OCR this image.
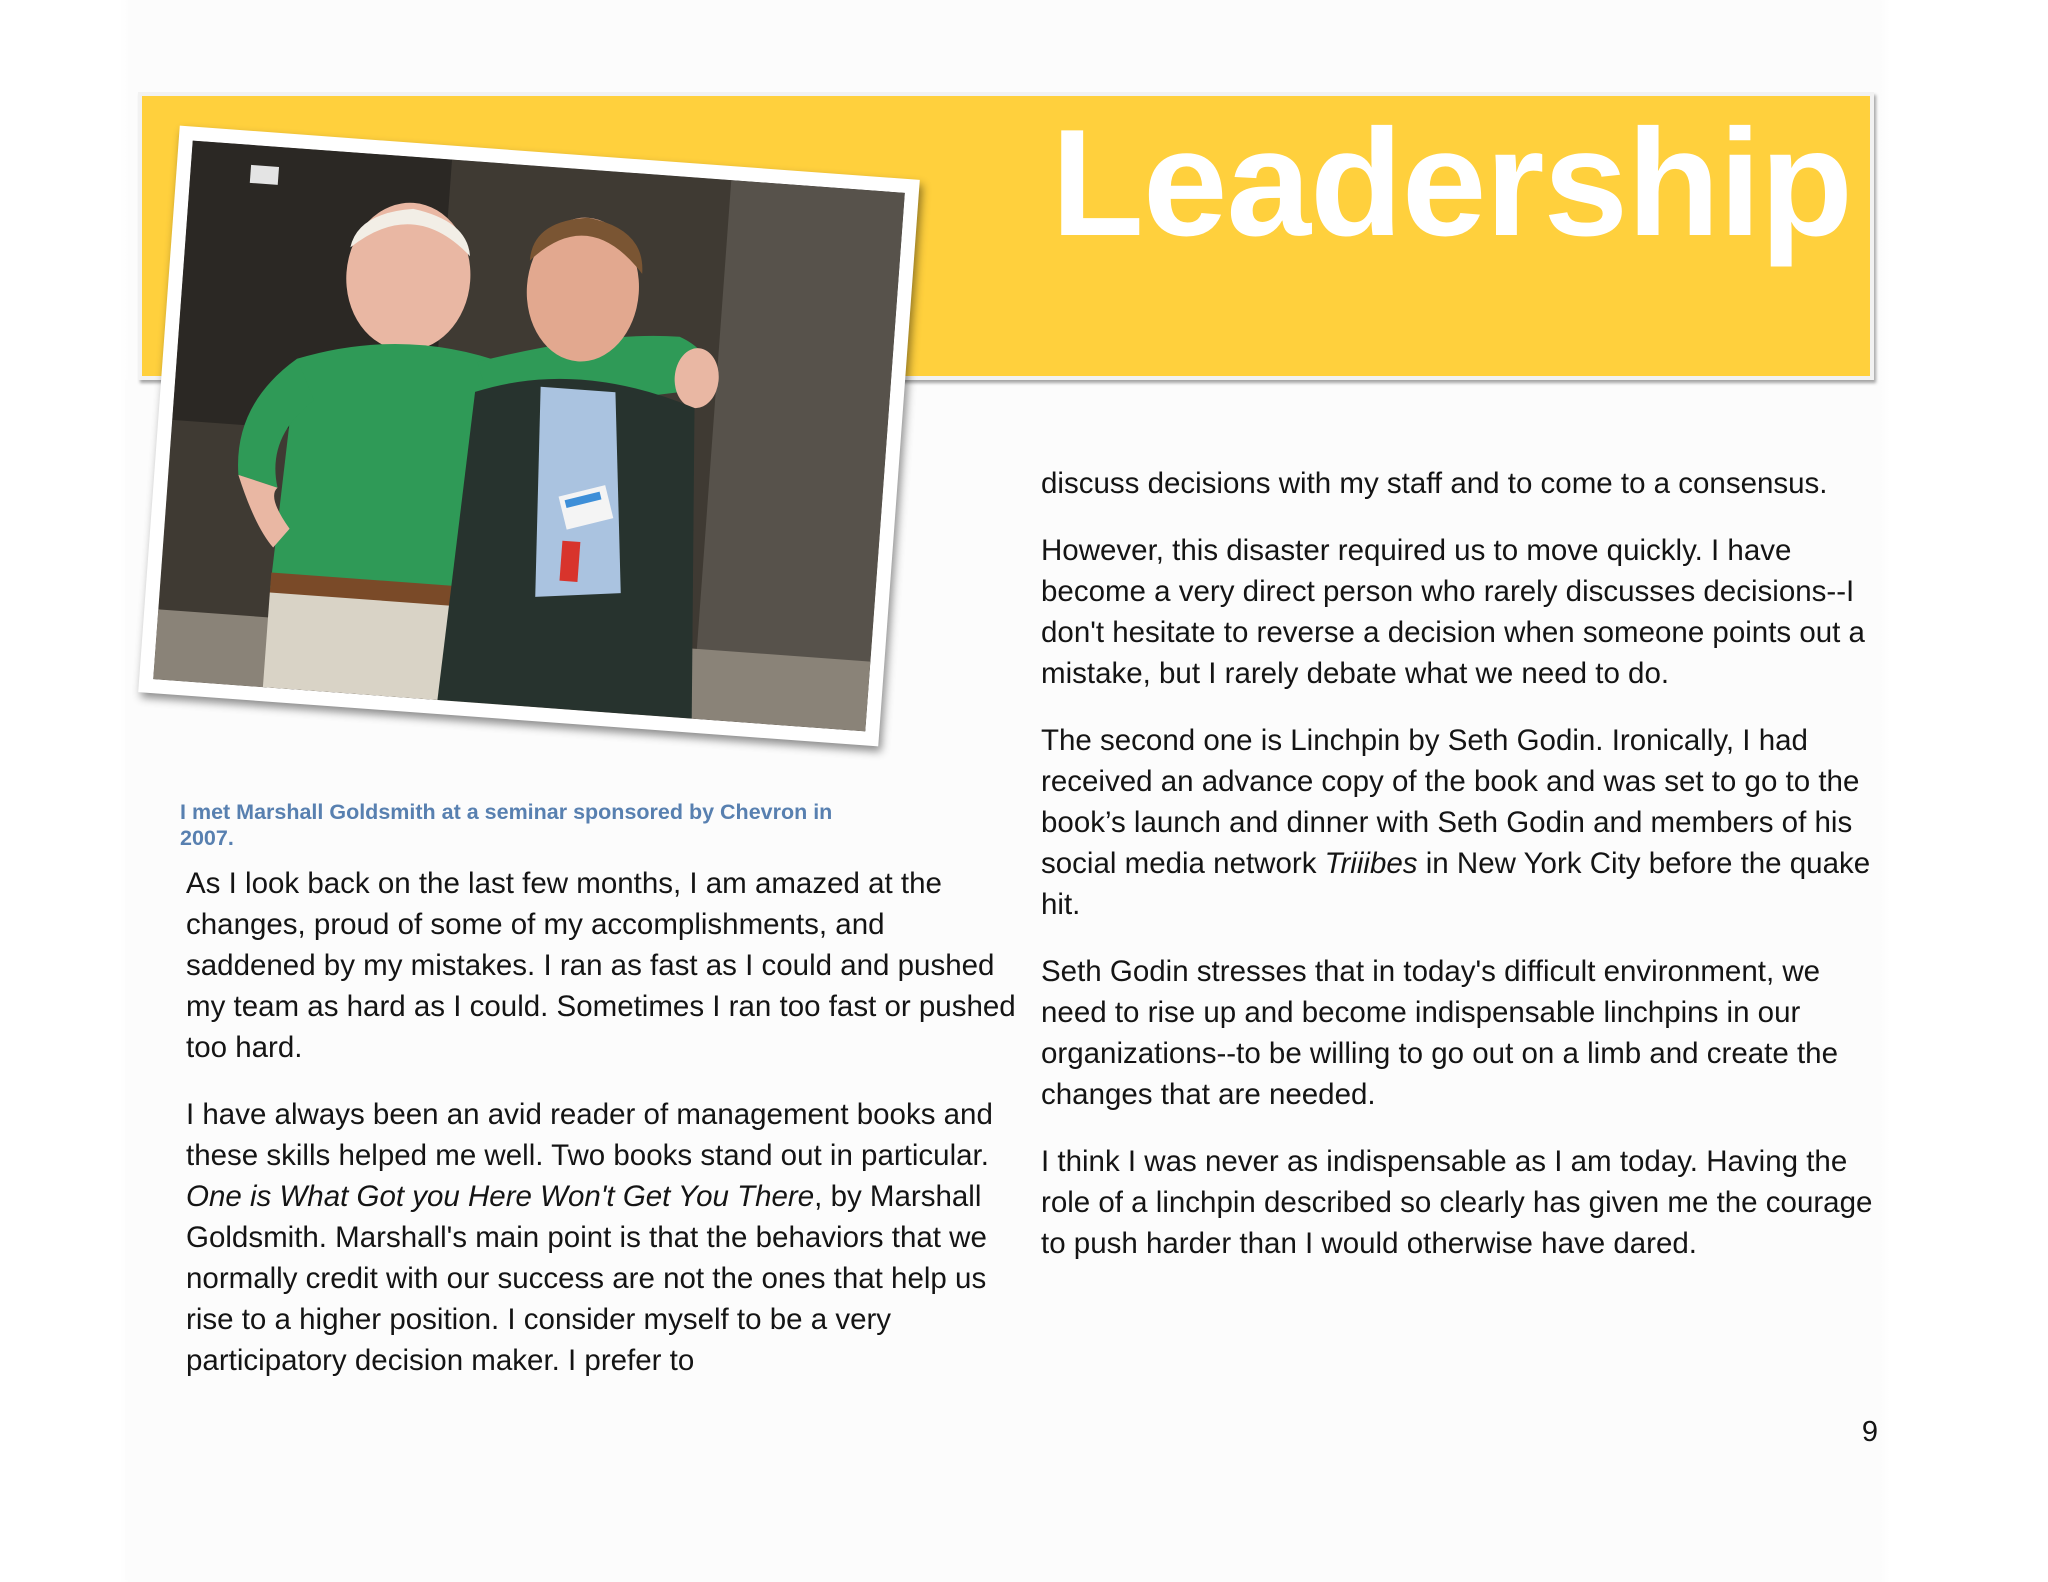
Leadership
I met Marshall Goldsmith at a seminar sponsored by Chevron in 2007.

As I look back on the last few months, I am amazed at the changes, proud of some of my accomplishments, and saddened by my mistakes. I ran as fast as I could and pushed my team as hard as I could. Sometimes I ran too fast or pushed too hard.

I have always been an avid reader of management books and these skills helped me well. Two books stand out in particular. One is What Got you Here Won't Get You There, by Marshall Goldsmith. Marshall's main point is that the behaviors that we normally credit with our success are not the ones that help us rise to a higher position. I consider myself to be a very participatory decision maker. I prefer to

discuss decisions with my staff and to come to a consensus.

However, this disaster required us to move quickly. I have become a very direct person who rarely discusses decisions--I don't hesitate to reverse a decision when someone points out a mistake, but I rarely debate what we need to do.

The second one is Linchpin by Seth Godin. Ironically, I had received an advance copy of the book and was set to go to the book’s launch and dinner with Seth Godin and members of his social media network Triiibes in New York City before the quake hit.

Seth Godin stresses that in today's difficult environment, we need to rise up and become indispensable linchpins in our organizations--to be willing to go out on a limb and create the changes that are needed.

I think I was never as indispensable as I am today. Having the role of a linchpin described so clearly has given me the courage to push harder than I would otherwise have dared.

9
